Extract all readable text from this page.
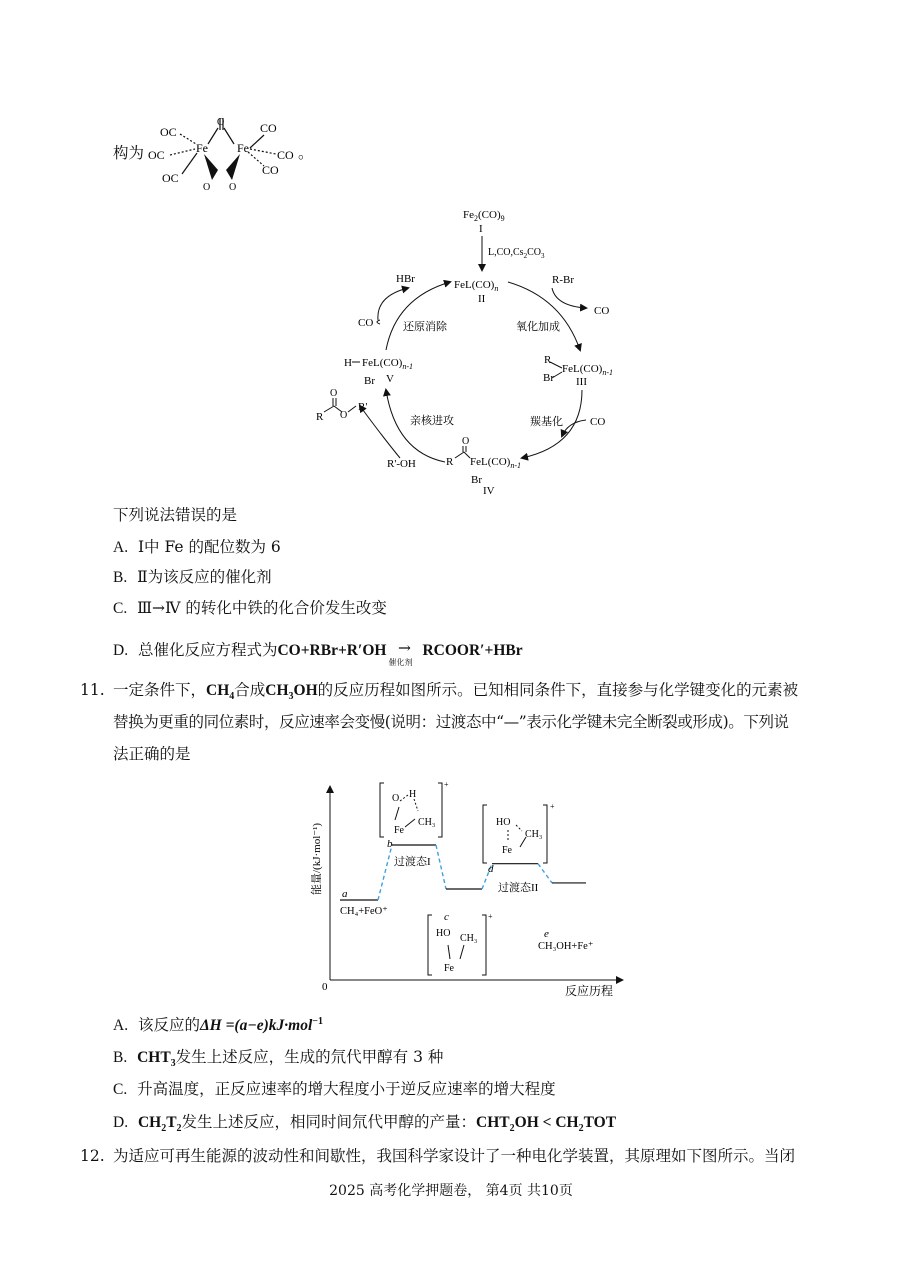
构为
OC
OC
OC
Fe Fe
O
O O
CO
CO
CO
。
$Fe_2(CO)_9$
I
$L,CO,Cs_2CO_3$
$FeL(CO)_n$
II
R-Br
CO
氧化加成
R
$FeL(CO)_{n-1}$
Br III
羰基化 CO
O
R $FeL(CO)_{n-1}$
Br
IV
R'-OH
亲核进攻
R
O
O
R'
H $FeL(CO)_{n-1}$
Br V
CO	还原消除
HBr
下列说法错误的是
A. Ⅰ中 Fe 的配位数为 6
B. Ⅱ为该反应的催化剂
C. Ⅲ→Ⅳ 的转化中铁的化合价发生改变
D. 总催化反应方程式为CO+RBr+R′OH →
催化剂
RCOOR′+HBr
11. 一定条件下，$CH_4$合成$CH_3OH$的反应历程如图所示。已知相同条件下，直接参与化学键变化的元素被
替换为更重的同位素时，反应速率会变慢(说明：过渡态中“—”表示化学键未完全断裂或形成)。下列说
法正确的是
0	反应历程
能量/(kJ·mol⁻¹) a
b
c
d
e
CH₄+FeO⁺
CH₃OH+Fe⁺
过渡态I
过渡态II
O H
CH₃
Fe
+
HO
CH₃
Fe
+
HO CH₃
Fe
+
A. 该反应的ΔH =(a−e)kJ·mol$^{-1}$
B. $CHT_3$发生上述反应，生成的氘代甲醇有 3 种
C. 升高温度，正反应速率的增大程度小于逆反应速率的增大程度
D. $CH_2T_2$发生上述反应，相同时间氘代甲醇的产量：$CHT_2OH < CH_2TOT$
12. 为适应可再生能源的波动性和间歇性，我国科学家设计了一种电化学装置，其原理如下图所示。当闭
2025 高考化学押题卷， 第4页 共10页
